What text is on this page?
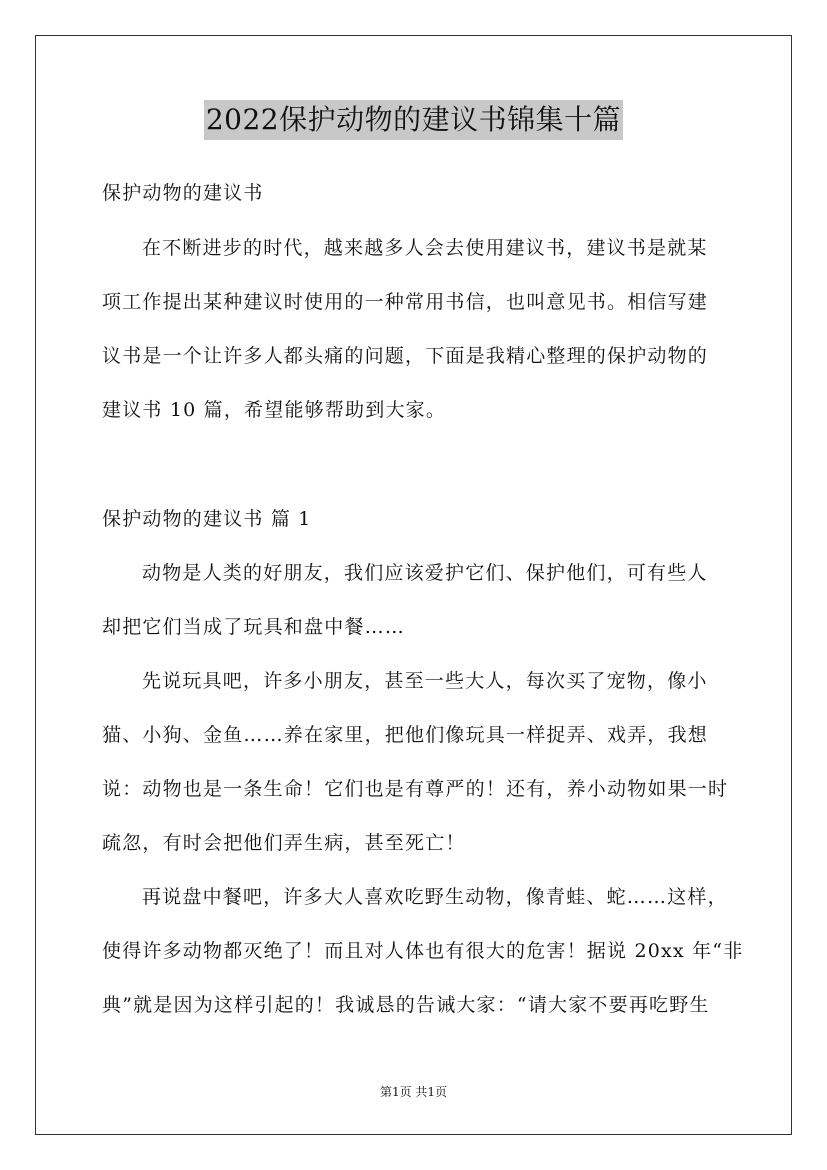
2022保护动物的建议书锦集十篇
保护动物的建议书
在不断进步的时代，越来越多人会去使用建议书，建议书是就某
项工作提出某种建议时使用的一种常用书信，也叫意见书。相信写建
议书是一个让许多人都头痛的问题，下面是我精心整理的保护动物的
建议书 10 篇，希望能够帮助到大家。
保护动物的建议书 篇 1
动物是人类的好朋友，我们应该爱护它们、保护他们，可有些人
却把它们当成了玩具和盘中餐……
先说玩具吧，许多小朋友，甚至一些大人，每次买了宠物，像小
猫、小狗、金鱼……养在家里，把他们像玩具一样捉弄、戏弄，我想
说：动物也是一条生命！它们也是有尊严的！还有，养小动物如果一时
疏忽，有时会把他们弄生病，甚至死亡！
再说盘中餐吧，许多大人喜欢吃野生动物，像青蛙、蛇……这样，
使得许多动物都灭绝了！而且对人体也有很大的危害！据说 20xx 年“非
典”就是因为这样引起的！我诚恳的告诫大家：“请大家不要再吃野生
第1页 共1页
